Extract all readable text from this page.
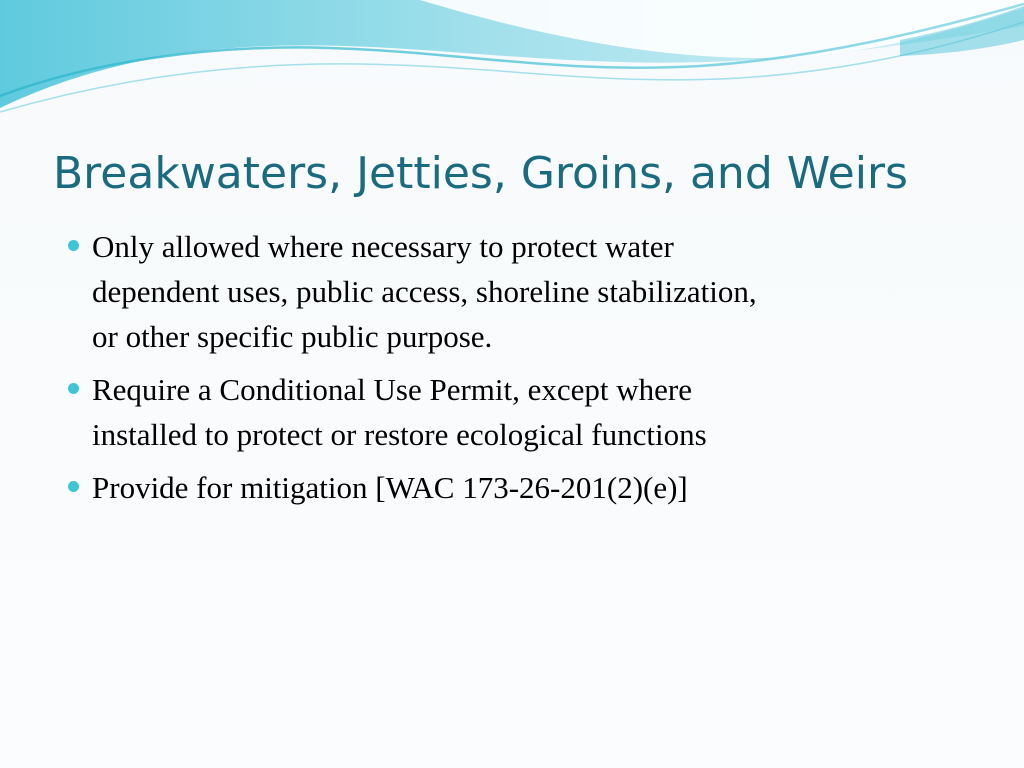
Breakwaters, Jetties, Groins, and Weirs
Only allowed where necessary to protect water
dependent uses, public access, shoreline stabilization,
or other specific public purpose.
Require a Conditional Use Permit, except where
installed to protect or restore ecological functions
Provide for mitigation [WAC 173-26-201(2)(e)]
